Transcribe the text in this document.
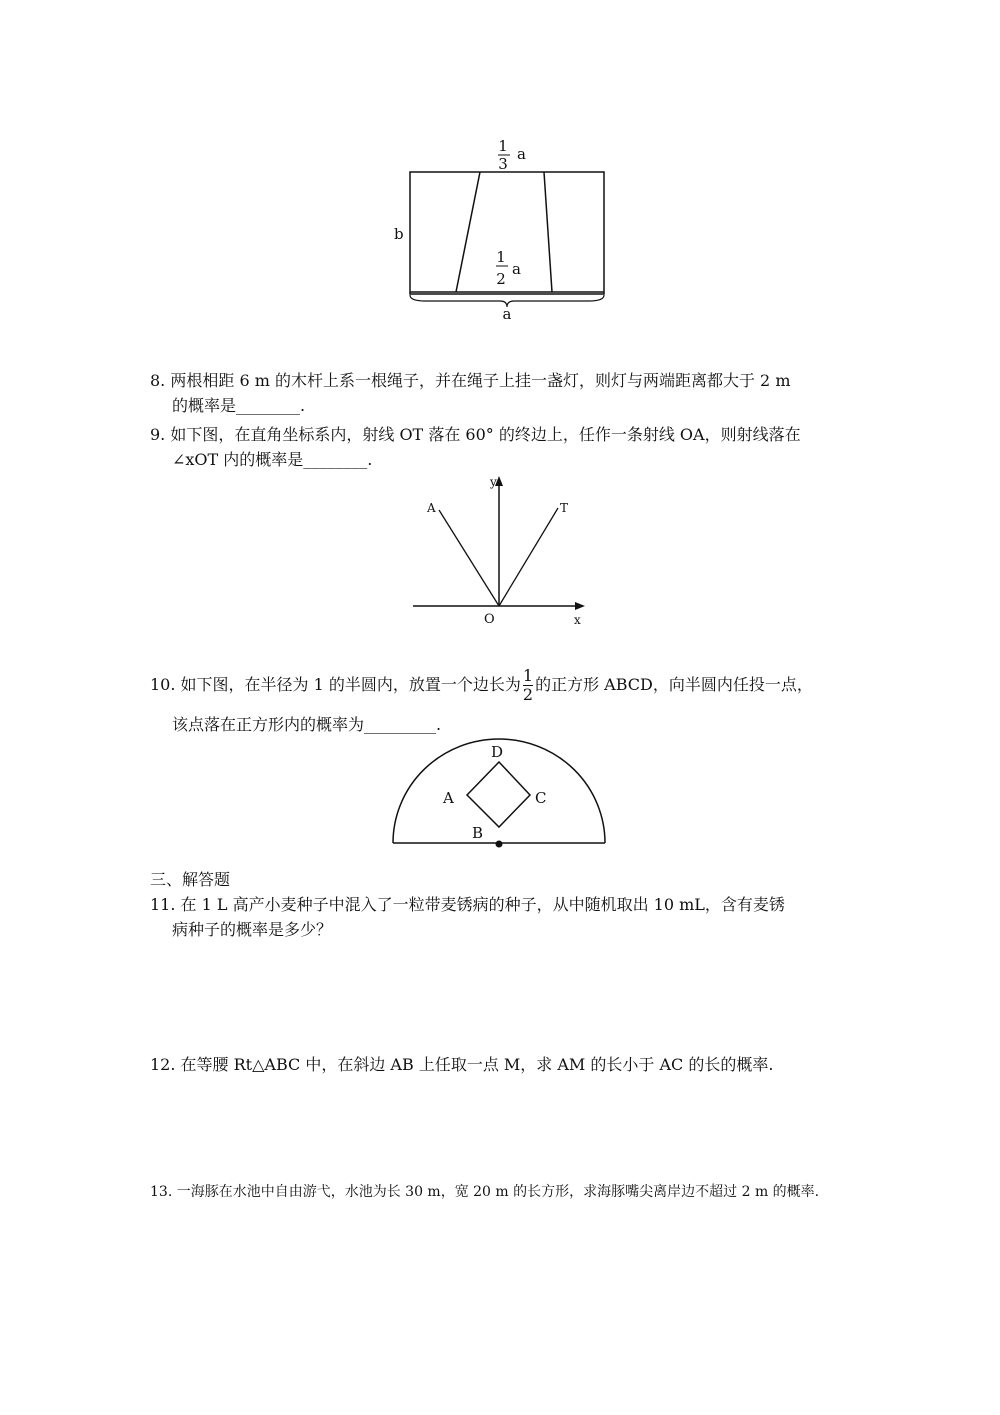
1
3
a
1
2
a
b
a
8. 两根相距 6 m 的木杆上系一根绳子，并在绳子上挂一盏灯，则灯与两端距离都大于 2 m
的概率是________.
9. 如下图，在直角坐标系内，射线 OT 落在 60° 的终边上，任作一条射线 OA，则射线落在
∠xOT 内的概率是________.
y
A	T
O	x
10. 如下图，在半径为 1 的半圆内，放置一个边长为 $\frac{1}{2}$ 的正方形 ABCD，向半圆内任投一点，
该点落在正方形内的概率为_________.
D
A	C
B
三、解答题
11. 在 1 L 高产小麦种子中混入了一粒带麦锈病的种子，从中随机取出 10 mL，含有麦锈
病种子的概率是多少？
12. 在等腰 Rt△ABC 中，在斜边 AB 上任取一点 M，求 AM 的长小于 AC 的长的概率.
13. 一海豚在水池中自由游弋，水池为长 30 m，宽 20 m 的长方形，求海豚嘴尖离岸边不超过 2 m 的概率.
